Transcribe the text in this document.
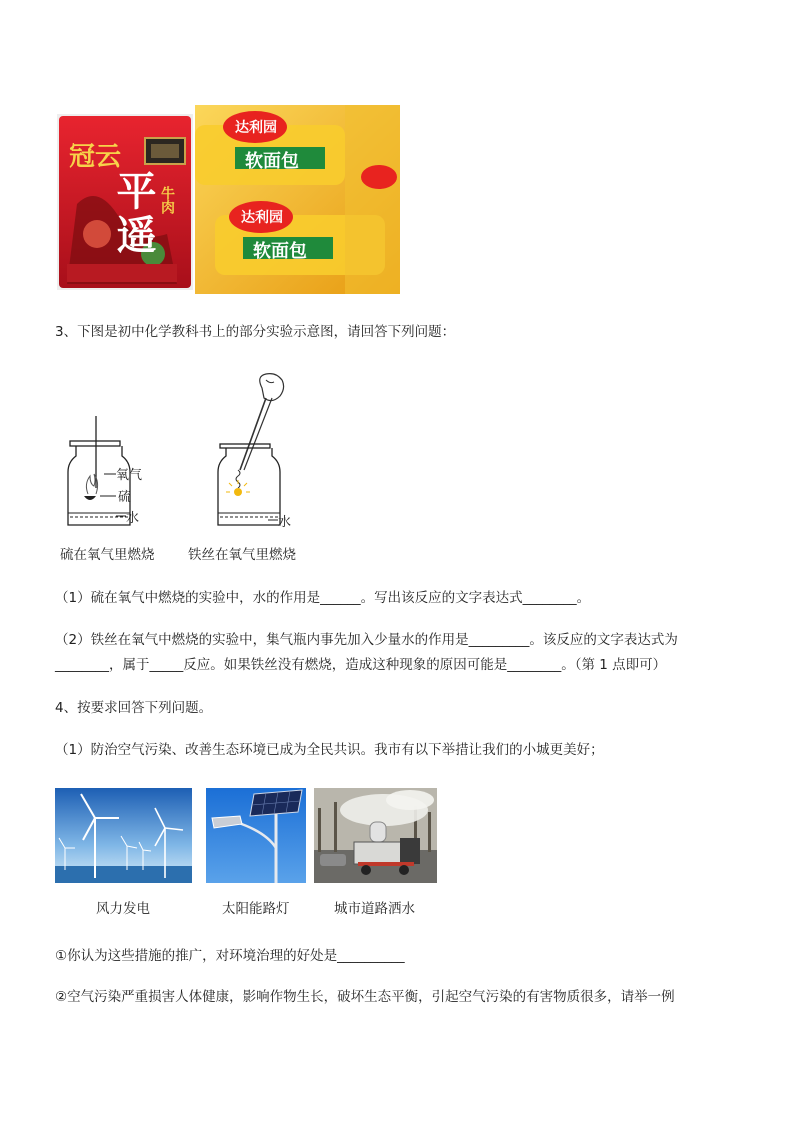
冠云
平遥 牛肉
达利园
软面包
达利园
软面包
3、下图是初中化学教科书上的部分实验示意图，请回答下列问题：
氧气
硫
水
硫在氧气里燃烧
水
铁丝在氧气里燃烧
（1）硫在氧气中燃烧的实验中，水的作用是______。写出该反应的文字表达式________。
（2）铁丝在氧气中燃烧的实验中，集气瓶内事先加入少量水的作用是_________。该反应的文字表达式为
________，属于_____反应。如果铁丝没有燃烧，造成这种现象的原因可能是________。（第 1 点即可）
4、按要求回答下列问题。
（1）防治空气污染、改善生态环境已成为全民共识。我市有以下举措让我们的小城更美好；
风力发电	太阳能路灯	城市道路洒水
①你认为这些措施的推广，对环境治理的好处是__________
②空气污染严重损害人体健康，影响作物生长，破坏生态平衡，引起空气污染的有害物质很多，请举一例
